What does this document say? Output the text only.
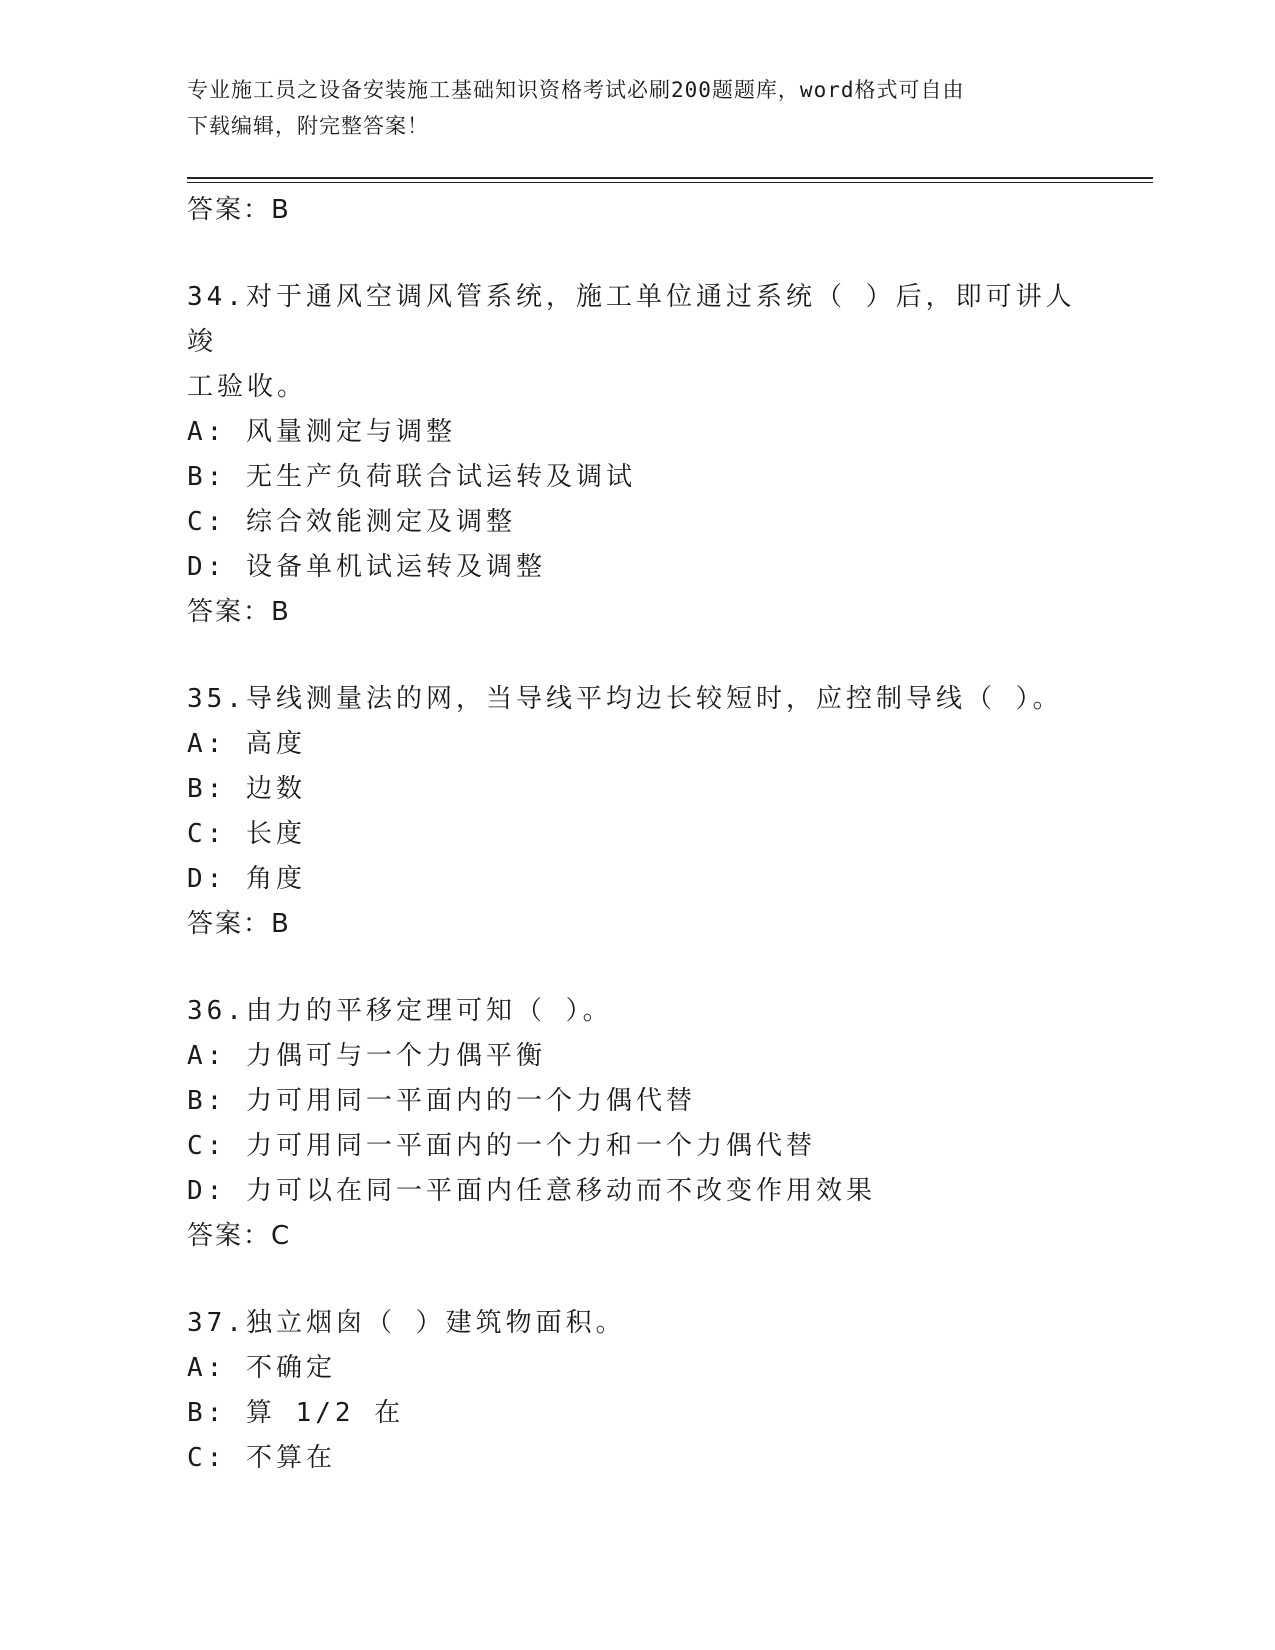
专业施工员之设备安装施工基础知识资格考试必刷200题题库，word格式可自由
下载编辑，附完整答案！
答案：B
34.对于通风空调风管系统，施工单位通过系统（ ）后，即可讲人竣
工验收。
A: 风量测定与调整
B: 无生产负荷联合试运转及调试
C: 综合效能测定及调整
D: 设备单机试运转及调整
答案：B
35.导线测量法的网，当导线平均边长较短时，应控制导线（ ）。
A: 高度
B: 边数
C: 长度
D: 角度
答案：B
36.由力的平移定理可知（ ）。
A: 力偶可与一个力偶平衡
B: 力可用同一平面内的一个力偶代替
C: 力可用同一平面内的一个力和一个力偶代替
D: 力可以在同一平面内任意移动而不改变作用效果
答案：C
37.独立烟囱（ ）建筑物面积。
A: 不确定
B: 算 1/2 在
C: 不算在
